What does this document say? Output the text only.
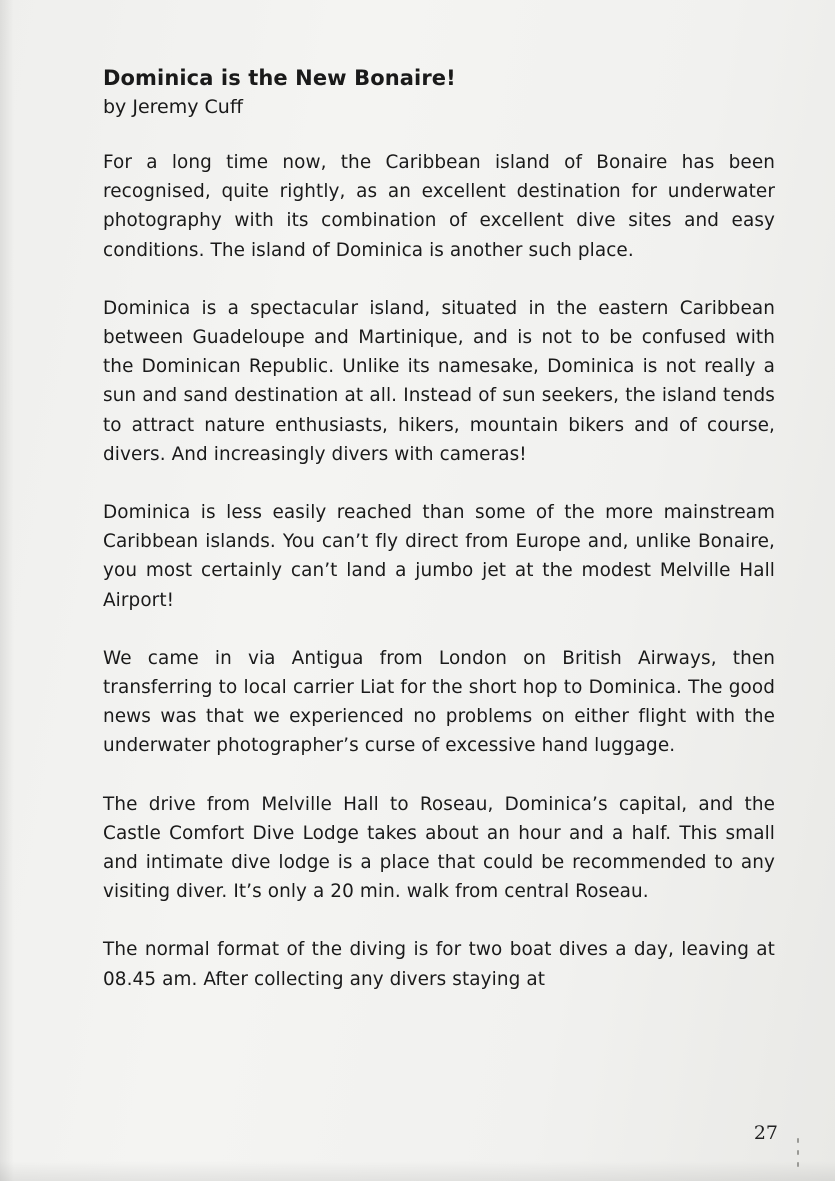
Dominica is the New Bonaire!
by Jeremy Cuff

For a long time now, the Caribbean island of Bonaire has been recognised, quite rightly, as an excellent destination for underwater photography with its combination of excellent dive sites and easy conditions. The island of Dominica is another such place.

Dominica is a spectacular island, situated in the eastern Caribbean between Guadeloupe and Martinique, and is not to be confused with the Dominican Republic. Unlike its namesake, Dominica is not really a sun and sand destination at all. Instead of sun seekers, the island tends to attract nature enthusiasts, hikers, mountain bikers and of course, divers. And increasingly divers with cameras!

Dominica is less easily reached than some of the more mainstream Caribbean islands. You can’t fly direct from Europe and, unlike Bonaire, you most certainly can’t land a jumbo jet at the modest Melville Hall Airport!

We came in via Antigua from London on British Airways, then transferring to local carrier Liat for the short hop to Dominica. The good news was that we experienced no problems on either flight with the underwater photographer’s curse of excessive hand luggage.

The drive from Melville Hall to Roseau, Dominica’s capital, and the Castle Comfort Dive Lodge takes about an hour and a half. This small and intimate dive lodge is a place that could be recommended to any visiting diver. It’s only a 20 min. walk from central Roseau.

The normal format of the diving is for two boat dives a day, leaving at 08.45 am. After collecting any divers staying at

27
